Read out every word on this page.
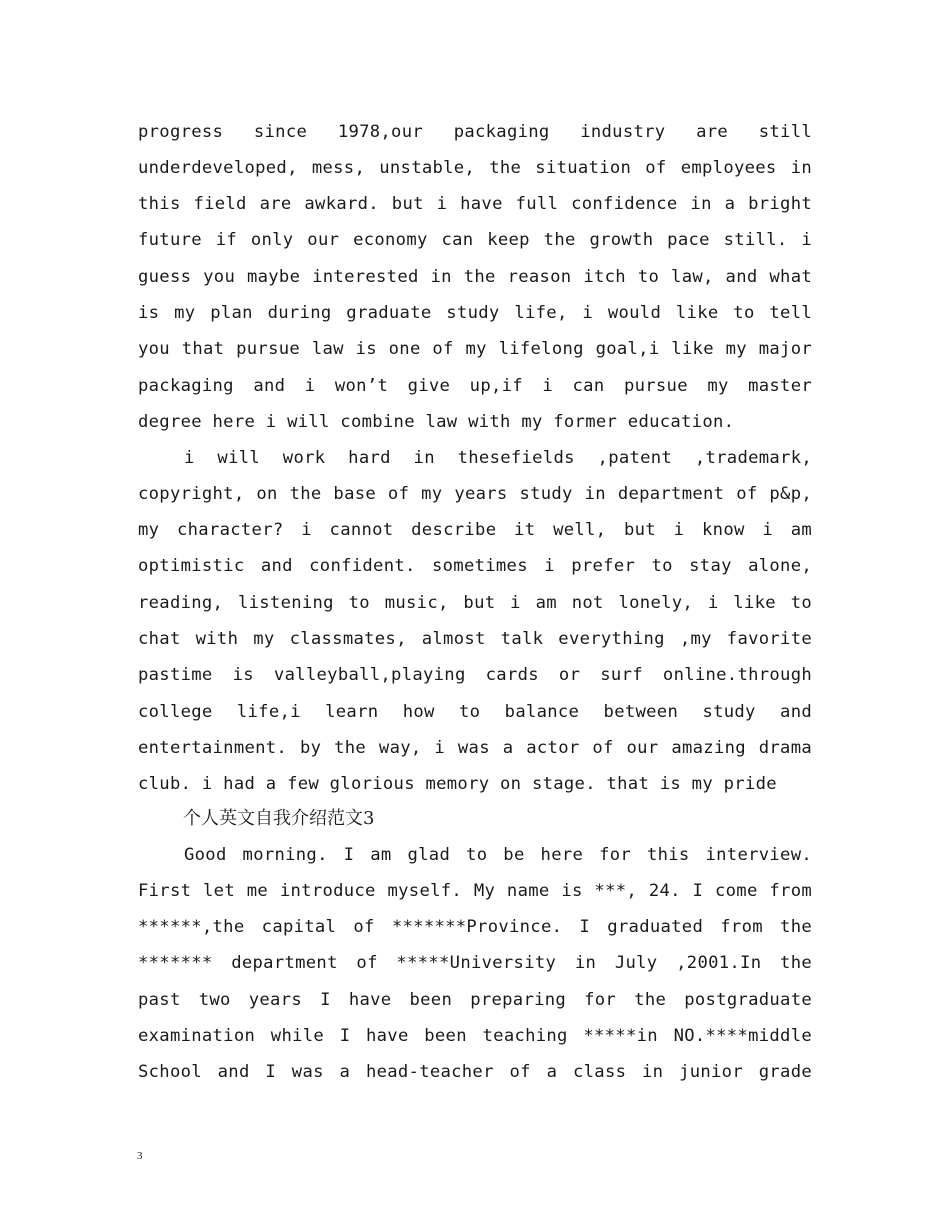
progress since 1978,our packaging industry are still
underdeveloped, mess, unstable, the situation of employees in
this field are awkard. but i have full confidence in a bright
future if only our economy can keep the growth pace still. i
guess you maybe interested in the reason itch to law, and what
is my plan during graduate study life, i would like to tell
you that pursue law is one of my lifelong goal,i like my major
packaging and i won’t give up,if i can pursue my master
degree here i will combine law with my former education.
i will work hard in thesefields ,patent ,trademark,
copyright, on the base of my years study in department of p&p,
my character? i cannot describe it well, but i know i am
optimistic and confident. sometimes i prefer to stay alone,
reading, listening to music, but i am not lonely, i like to
chat with my classmates, almost talk everything ,my favorite
pastime is valleyball,playing cards or surf online.through
college life,i learn how to balance between study and
entertainment. by the way, i was a actor of our amazing drama
club. i had a few glorious memory on stage. that is my pride
个人英文自我介绍范文3
Good morning. I am glad to be here for this interview.
First let me introduce myself. My name is ***, 24. I come from
******,the capital of *******Province. I graduated from the
******* department of *****University in July ,2001.In the
past two years I have been preparing for the postgraduate
examination while I have been teaching *****in NO.****middle
School and I was a head-teacher of a class in junior grade
3
